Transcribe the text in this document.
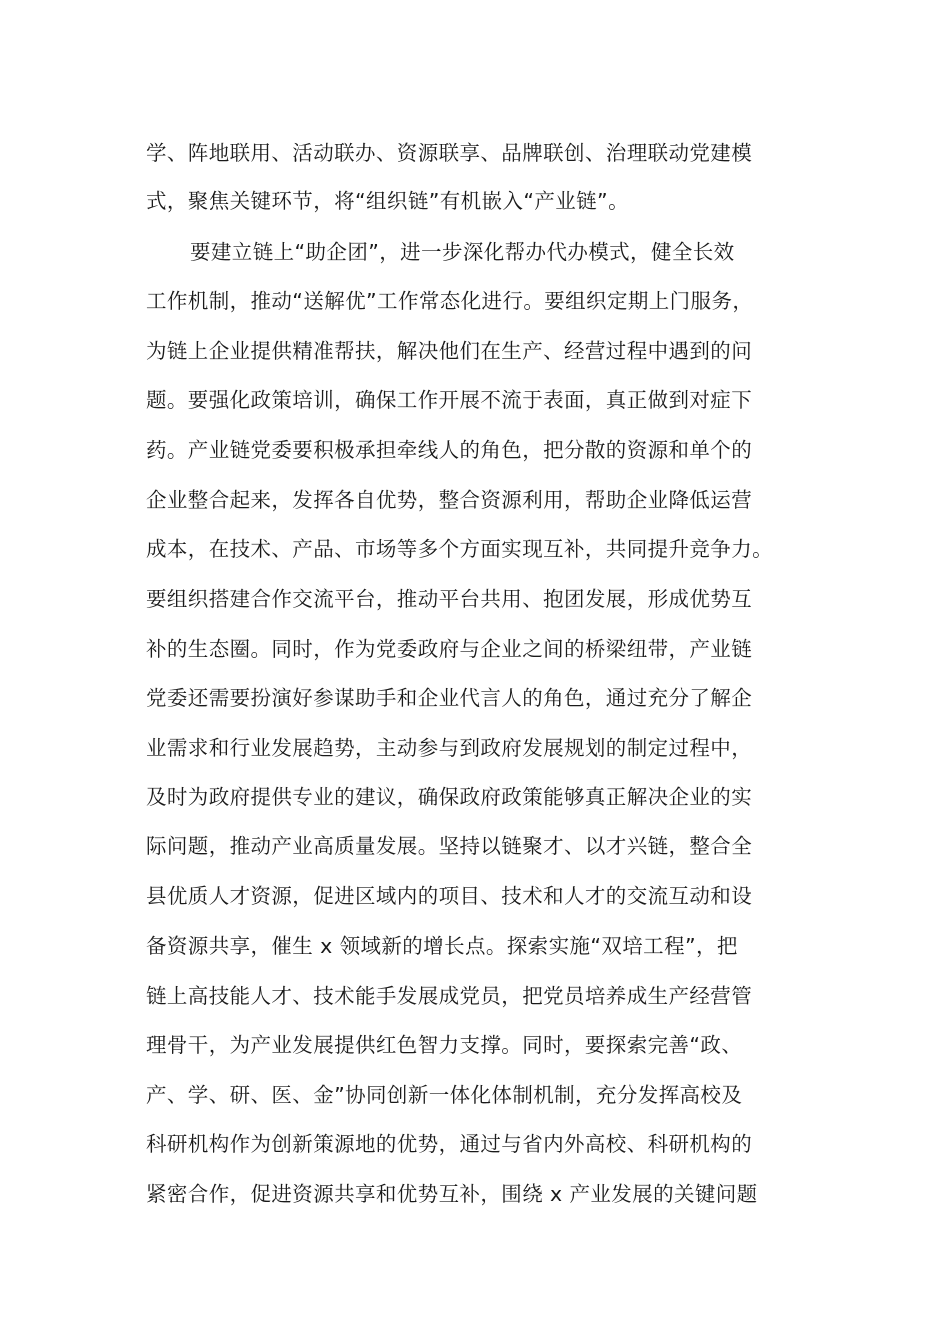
学、阵地联用、活动联办、资源联享、品牌联创、治理联动党建模
式，聚焦关键环节，将“组织链”有机嵌入“产业链”。
要建立链上“助企团”，进一步深化帮办代办模式，健全长效
工作机制，推动“送解优”工作常态化进行。要组织定期上门服务，
为链上企业提供精准帮扶，解决他们在生产、经营过程中遇到的问
题。要强化政策培训，确保工作开展不流于表面，真正做到对症下
药。产业链党委要积极承担牵线人的角色，把分散的资源和单个的
企业整合起来，发挥各自优势，整合资源利用，帮助企业降低运营
成本，在技术、产品、市场等多个方面实现互补，共同提升竞争力。
要组织搭建合作交流平台，推动平台共用、抱团发展，形成优势互
补的生态圈。同时，作为党委政府与企业之间的桥梁纽带，产业链
党委还需要扮演好参谋助手和企业代言人的角色，通过充分了解企
业需求和行业发展趋势，主动参与到政府发展规划的制定过程中，
及时为政府提供专业的建议，确保政府政策能够真正解决企业的实
际问题，推动产业高质量发展。坚持以链聚才、以才兴链，整合全
县优质人才资源，促进区域内的项目、技术和人才的交流互动和设
备资源共享，催生 x 领域新的增长点。探索实施“双培工程”，把
链上高技能人才、技术能手发展成党员，把党员培养成生产经营管
理骨干，为产业发展提供红色智力支撑。同时，要探索完善“政、
产、学、研、医、金”协同创新一体化体制机制，充分发挥高校及
科研机构作为创新策源地的优势，通过与省内外高校、科研机构的
紧密合作，促进资源共享和优势互补，围绕 x 产业发展的关键问题
